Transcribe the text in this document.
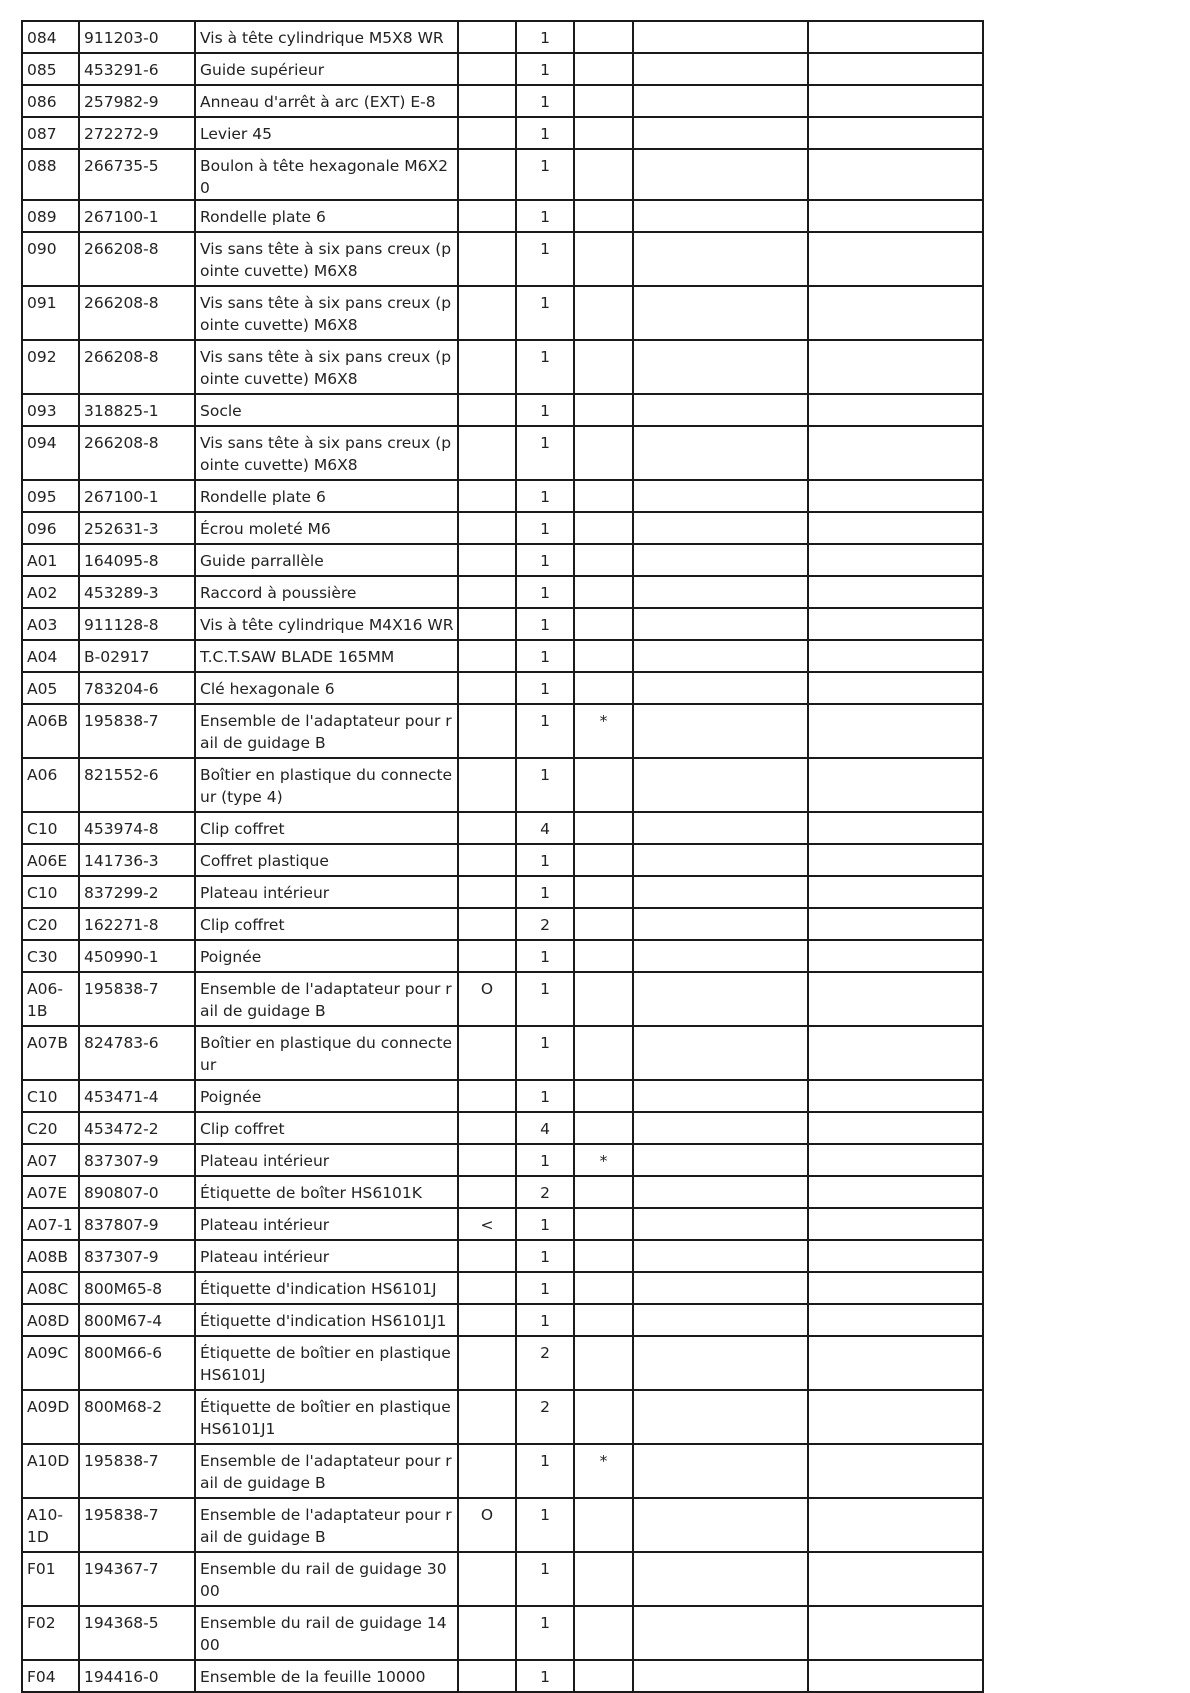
084	911203-0	Vis à tête cylindrique M5X8 WR		1			
085	453291-6	Guide supérieur		1			
086	257982-9	Anneau d'arrêt à arc (EXT) E-8		1			
087	272272-9	Levier 45		1			
088	266735-5	Boulon à tête hexagonale M6X20		1			
089	267100-1	Rondelle plate 6		1			
090	266208-8	Vis sans tête à six pans creux (pointe cuvette) M6X8		1			
091	266208-8	Vis sans tête à six pans creux (pointe cuvette) M6X8		1			
092	266208-8	Vis sans tête à six pans creux (pointe cuvette) M6X8		1			
093	318825-1	Socle		1			
094	266208-8	Vis sans tête à six pans creux (pointe cuvette) M6X8		1			
095	267100-1	Rondelle plate 6		1			
096	252631-3	Écrou moleté M6		1			
A01	164095-8	Guide parrallèle		1			
A02	453289-3	Raccord à poussière		1			
A03	911128-8	Vis à tête cylindrique M4X16 WR		1			
A04	B-02917	T.C.T.SAW BLADE 165MM		1			
A05	783204-6	Clé hexagonale 6		1			
A06B	195838-7	Ensemble de l'adaptateur pour rail de guidage B		1	*		
A06	821552-6	Boîtier en plastique du connecteur (type 4)		1			
C10	453974-8	Clip coffret		4			
A06E	141736-3	Coffret plastique		1			
C10	837299-2	Plateau intérieur		1			
C20	162271-8	Clip coffret		2			
C30	450990-1	Poignée		1			
A06-1B	195838-7	Ensemble de l'adaptateur pour rail de guidage B	O	1			
A07B	824783-6	Boîtier en plastique du connecteur		1			
C10	453471-4	Poignée		1			
C20	453472-2	Clip coffret		4			
A07	837307-9	Plateau intérieur		1	*		
A07E	890807-0	Étiquette de boîter HS6101K		2			
A07-1	837807-9	Plateau intérieur	<	1			
A08B	837307-9	Plateau intérieur		1			
A08C	800M65-8	Étiquette d'indication HS6101J		1			
A08D	800M67-4	Étiquette d'indication HS6101J1		1			
A09C	800M66-6	Étiquette de boîtier en plastique HS6101J		2			
A09D	800M68-2	Étiquette de boîtier en plastique HS6101J1		2			
A10D	195838-7	Ensemble de l'adaptateur pour rail de guidage B		1	*		
A10-1D	195838-7	Ensemble de l'adaptateur pour rail de guidage B	O	1			
F01	194367-7	Ensemble du rail de guidage 3000		1			
F02	194368-5	Ensemble du rail de guidage 1400		1			
F04	194416-0	Ensemble de la feuille 10000		1			
